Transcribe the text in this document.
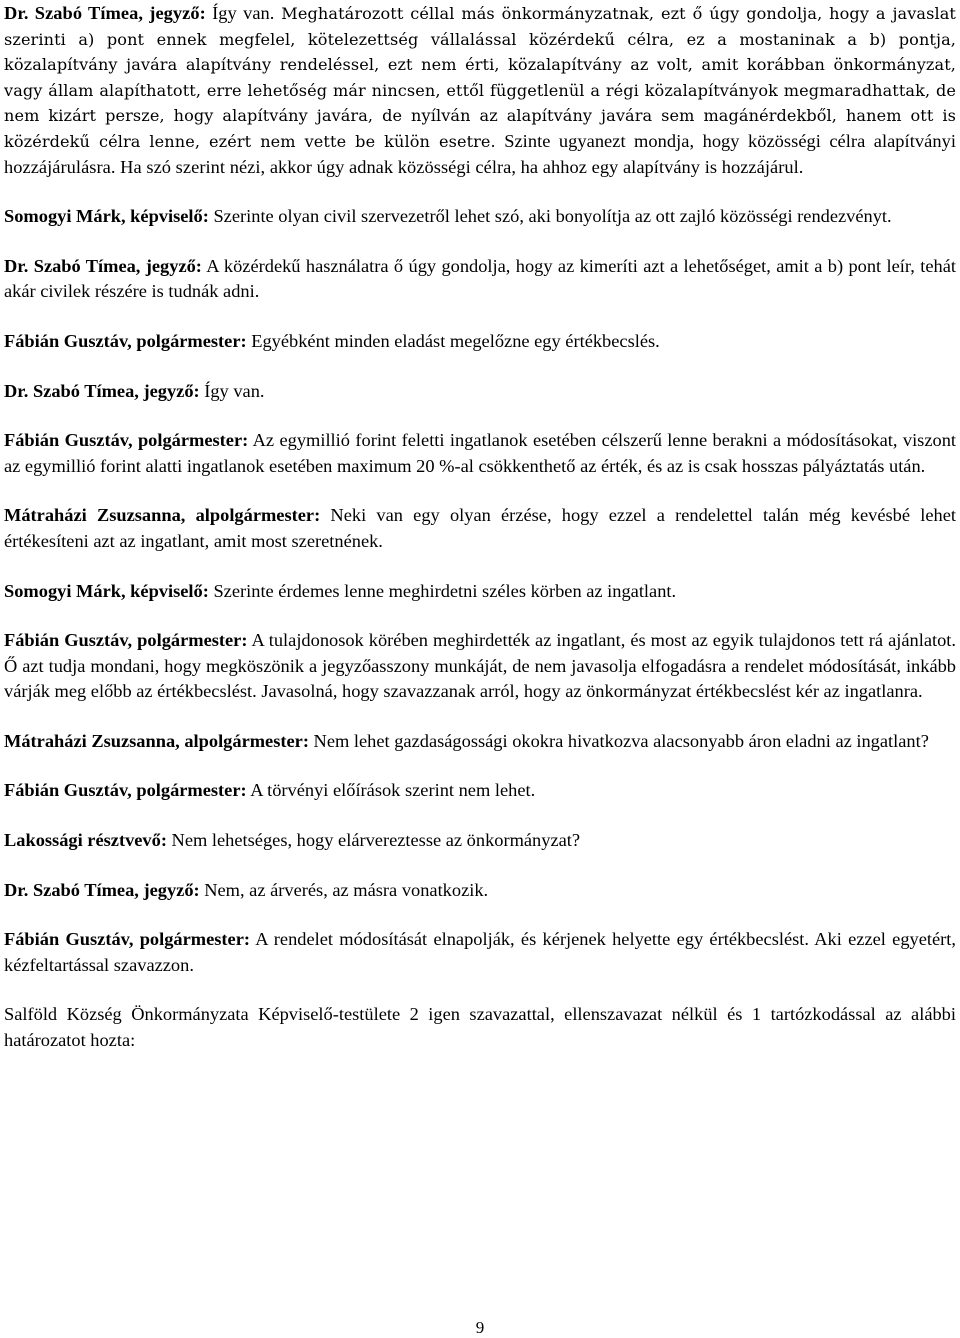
Dr. Szabó Tímea, jegyző: Így van. Meghatározott céllal más önkormányzatnak, ezt ő úgy gondolja, hogy a javaslat szerinti a) pont ennek megfelel, kötelezettség vállalással közérdekű célra, ez a mostaninak a b) pontja, közalapítvány javára alapítvány rendeléssel, ezt nem érti, közalapítvány az volt, amit korábban önkormányzat, vagy állam alapíthatott, erre lehetőség már nincsen, ettől függetlenül a régi közalapítványok megmaradhattak, de nem kizárt persze, hogy alapítvány javára, de nyílván az alapítvány javára sem magánérdekből, hanem ott is közérdekű célra lenne, ezért nem vette be külön esetre. Szinte ugyanezt mondja, hogy közösségi célra alapítványi hozzájárulásra. Ha szó szerint nézi, akkor úgy adnak közösségi célra, ha ahhoz egy alapítvány is hozzájárul.

Somogyi Márk, képviselő: Szerinte olyan civil szervezetről lehet szó, aki bonyolítja az ott zajló közösségi rendezvényt.

Dr. Szabó Tímea, jegyző: A közérdekű használatra ő úgy gondolja, hogy az kimeríti azt a lehetőséget, amit a b) pont leír, tehát akár civilek részére is tudnák adni.

Fábián Gusztáv, polgármester: Egyébként minden eladást megelőzne egy értékbecslés.

Dr. Szabó Tímea, jegyző: Így van.

Fábián Gusztáv, polgármester: Az egymillió forint feletti ingatlanok esetében célszerű lenne berakni a módosításokat, viszont az egymillió forint alatti ingatlanok esetében maximum 20 %-al csökkenthető az érték, és az is csak hosszas pályáztatás után.

Mátraházi Zsuzsanna, alpolgármester: Neki van egy olyan érzése, hogy ezzel a rendelettel talán még kevésbé lehet értékesíteni azt az ingatlant, amit most szeretnének.

Somogyi Márk, képviselő: Szerinte érdemes lenne meghirdetni széles körben az ingatlant.

Fábián Gusztáv, polgármester: A tulajdonosok körében meghirdették az ingatlant, és most az egyik tulajdonos tett rá ajánlatot. Ő azt tudja mondani, hogy megköszönik a jegyzőasszony munkáját, de nem javasolja elfogadásra a rendelet módosítását, inkább várják meg előbb az értékbecslést. Javasolná, hogy szavazzanak arról, hogy az önkormányzat értékbecslést kér az ingatlanra.

Mátraházi Zsuzsanna, alpolgármester: Nem lehet gazdaságossági okokra hivatkozva alacsonyabb áron eladni az ingatlant?

Fábián Gusztáv, polgármester: A törvényi előírások szerint nem lehet.

Lakossági résztvevő: Nem lehetséges, hogy elárvereztesse az önkormányzat?

Dr. Szabó Tímea, jegyző: Nem, az árverés, az másra vonatkozik.

Fábián Gusztáv, polgármester: A rendelet módosítását elnapolják, és kérjenek helyette egy értékbecslést. Aki ezzel egyetért, kézfeltartással szavazzon.

Salföld Község Önkormányzata Képviselő-testülete 2 igen szavazattal, ellenszavazat nélkül és 1 tartózkodással az alábbi határozatot hozta:

9
